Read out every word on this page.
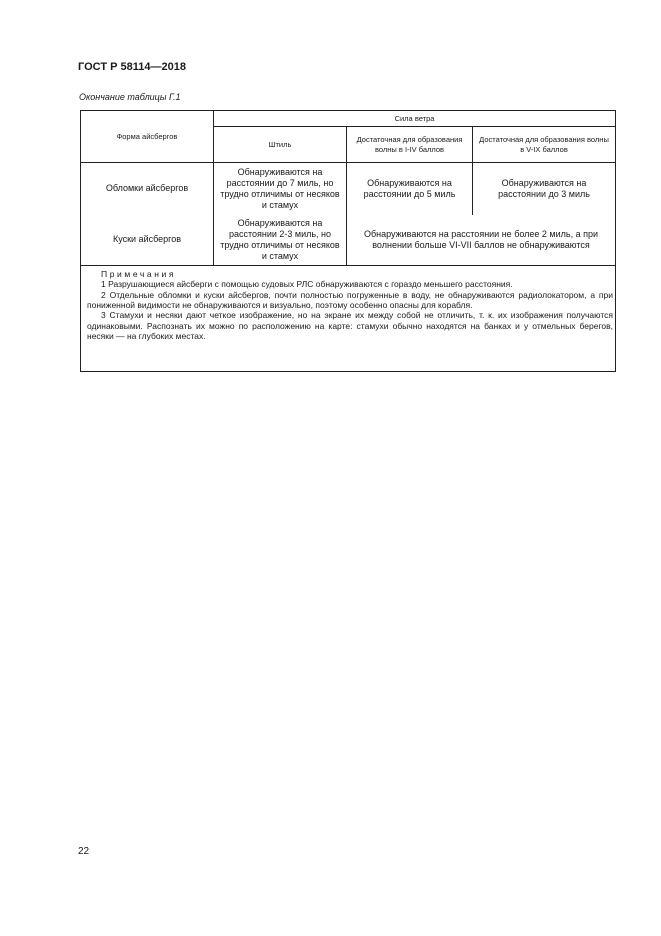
ГОСТ Р 58114—2018
Окончание таблицы Г.1
Форма айсбергов	Сила ветра		
	Штиль	Достаточная для образования волны в I-IV баллов	Достаточная для образования волны в V-IX баллов
Обломки айсбергов	Обнаруживаются на расстоянии до 7 миль, но трудно отличимы от несяков и стамух	Обнаруживаются на расстоянии до 5 миль	Обнаруживаются на расстоянии до 3 миль
Куски айсбергов	Обнаруживаются на расстоянии 2-3 миль, но трудно отличимы от несяков и стамух	Обнаруживаются на расстоянии не более 2 миль, а при волнении больше VI-VII баллов не обнаруживаются	

Примечания
1 Разрушающиеся айсберги с помощью судовых РЛС обнаруживаются с гораздо меньшего расстояния.
2 Отдельные обломки и куски айсбергов, почти полностью погруженные в воду, не обнаруживаются радиолокатором, а при пониженной видимости не обнаруживаются и визуально, поэтому особенно опасны для корабля.
3 Стамухи и несяки дают четкое изображение, но на экране их между собой не отличить, т. к. их изображения получаются одинаковыми. Распознать их можно по расположению на карте: стамухи обычно находятся на банках и у отмельных берегов, несяки — на глубоких местах.			
22
